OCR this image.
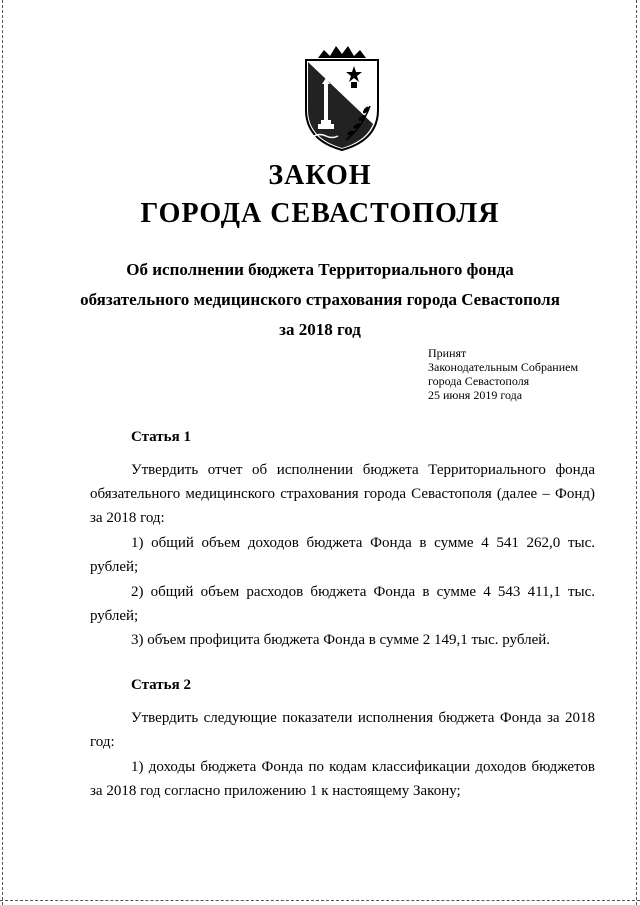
ЗАКОН
ГОРОДА СЕВАСТОПОЛЯ
Об исполнении бюджета Территориального фонда
обязательного медицинского страхования города Севастополя
за 2018 год
Принят
Законодательным Собранием
города Севастополя
25 июня 2019 года
Статья 1
Утвердить отчет об исполнении бюджета Территориального фонда обязательного медицинского страхования города Севастополя (далее – Фонд) за 2018 год:
1) общий объем доходов бюджета Фонда в сумме 4 541 262,0 тыс. рублей;
2) общий объем расходов бюджета Фонда в сумме 4 543 411,1 тыс. рублей;
3) объем профицита бюджета Фонда в сумме 2 149,1 тыс. рублей.
Статья 2
Утвердить следующие показатели исполнения бюджета Фонда за 2018 год:
1) доходы бюджета Фонда по кодам классификации доходов бюджетов за 2018 год согласно приложению 1 к настоящему Закону;
